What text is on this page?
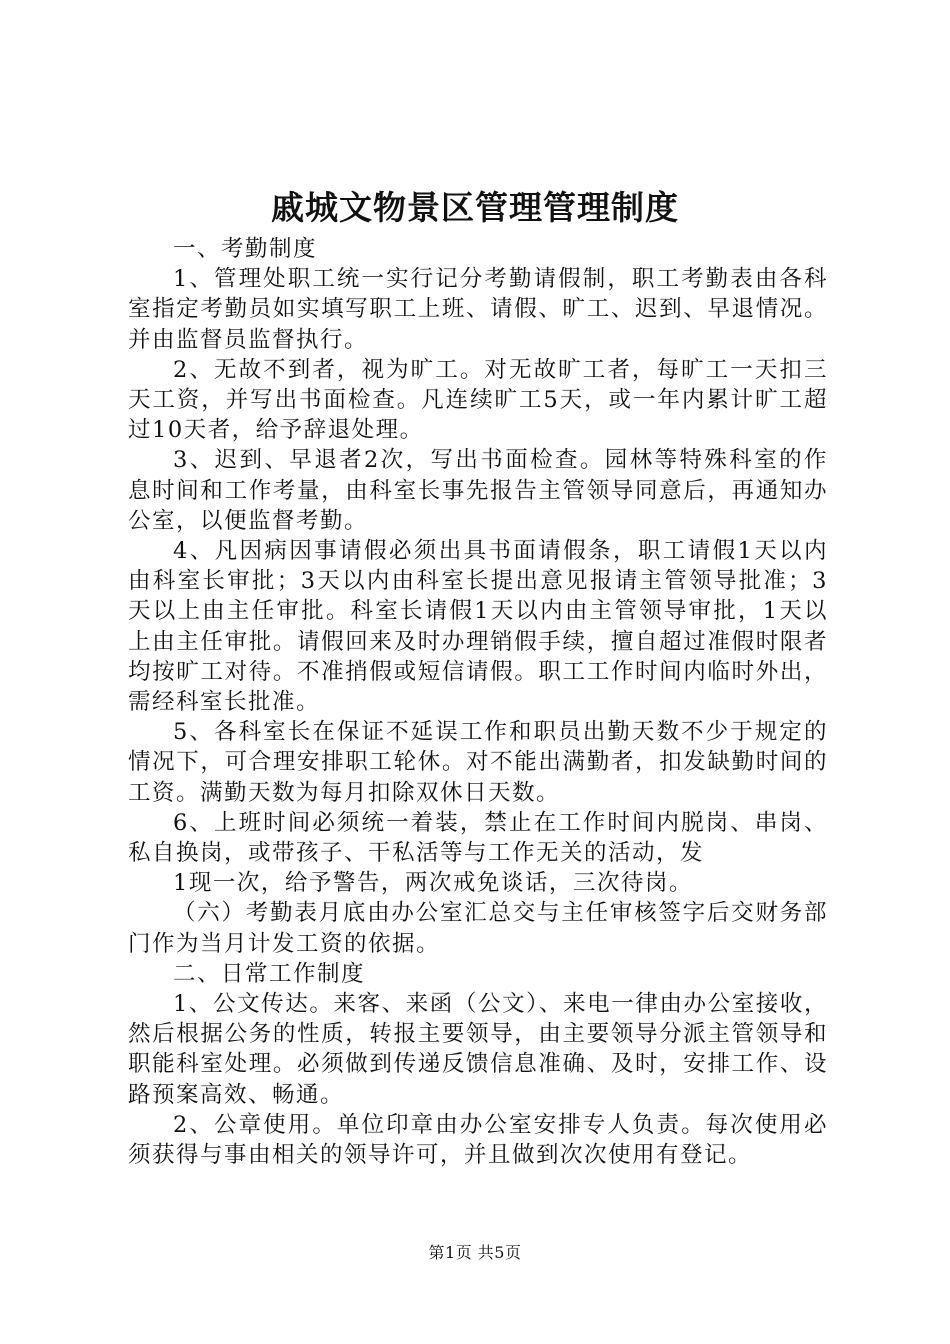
戚城文物景区管理管理制度

一、考勤制度

1、管理处职工统一实行记分考勤请假制，职工考勤表由各科室指定考勤员如实填写职工上班、请假、旷工、迟到、早退情况。并由监督员监督执行。

2、无故不到者，视为旷工。对无故旷工者，每旷工一天扣三天工资，并写出书面检查。凡连续旷工5天，或一年内累计旷工超过10天者，给予辞退处理。

3、迟到、早退者2次，写出书面检查。园林等特殊科室的作息时间和工作考量，由科室长事先报告主管领导同意后，再通知办公室，以便监督考勤。

4、凡因病因事请假必须出具书面请假条，职工请假1天以内由科室长审批；3天以内由科室长提出意见报请主管领导批准；3天以上由主任审批。科室长请假1天以内由主管领导审批，1天以上由主任审批。请假回来及时办理销假手续，擅自超过准假时限者均按旷工对待。不准捎假或短信请假。职工工作时间内临时外出，需经科室长批准。

5、各科室长在保证不延误工作和职员出勤天数不少于规定的情况下，可合理安排职工轮休。对不能出满勤者，扣发缺勤时间的工资。满勤天数为每月扣除双休日天数。

6、上班时间必须统一着装，禁止在工作时间内脱岗、串岗、私自换岗，或带孩子、干私活等与工作无关的活动，发

1现一次，给予警告，两次戒免谈话，三次待岗。

（六）考勤表月底由办公室汇总交与主任审核签字后交财务部门作为当月计发工资的依据。

二、日常工作制度

1、公文传达。来客、来函（公文）、来电一律由办公室接收，然后根据公务的性质，转报主要领导，由主要领导分派主管领导和职能科室处理。必须做到传递反馈信息准确、及时，安排工作、设路预案高效、畅通。

2、公章使用。单位印章由办公室安排专人负责。每次使用必须获得与事由相关的领导许可，并且做到次次使用有登记。

第1页 共5页
